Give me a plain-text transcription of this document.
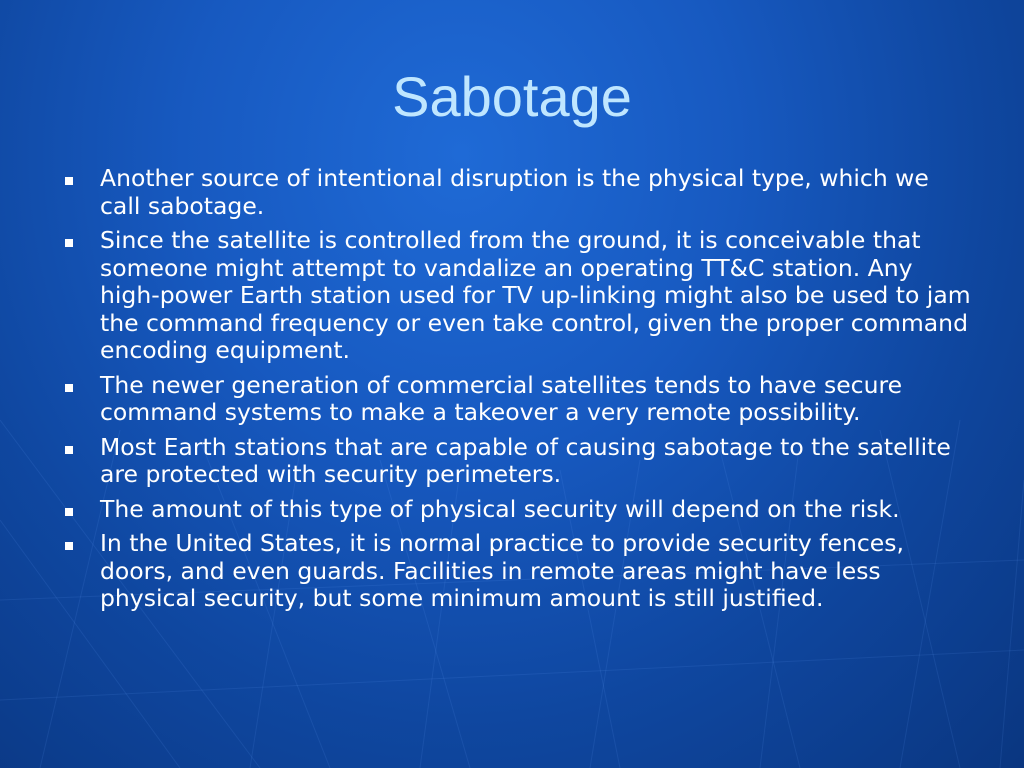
Sabotage
Another source of intentional disruption is the physical type, which we call sabotage.
Since the satellite is controlled from the ground, it is conceivable that someone might attempt to vandalize an operating TT&C station. Any high-power Earth station used for TV up-linking might also be used to jam the command frequency or even take control, given the proper command encoding equipment.
The newer generation of commercial satellites tends to have secure command systems to make a takeover a very remote possibility.
Most Earth stations that are capable of causing sabotage to the satellite are protected with security perimeters.
The amount of this type of physical security will depend on the risk.
In the United States, it is normal practice to provide security fences, doors, and even guards. Facilities in remote areas might have less physical security, but some minimum amount is still justified.
